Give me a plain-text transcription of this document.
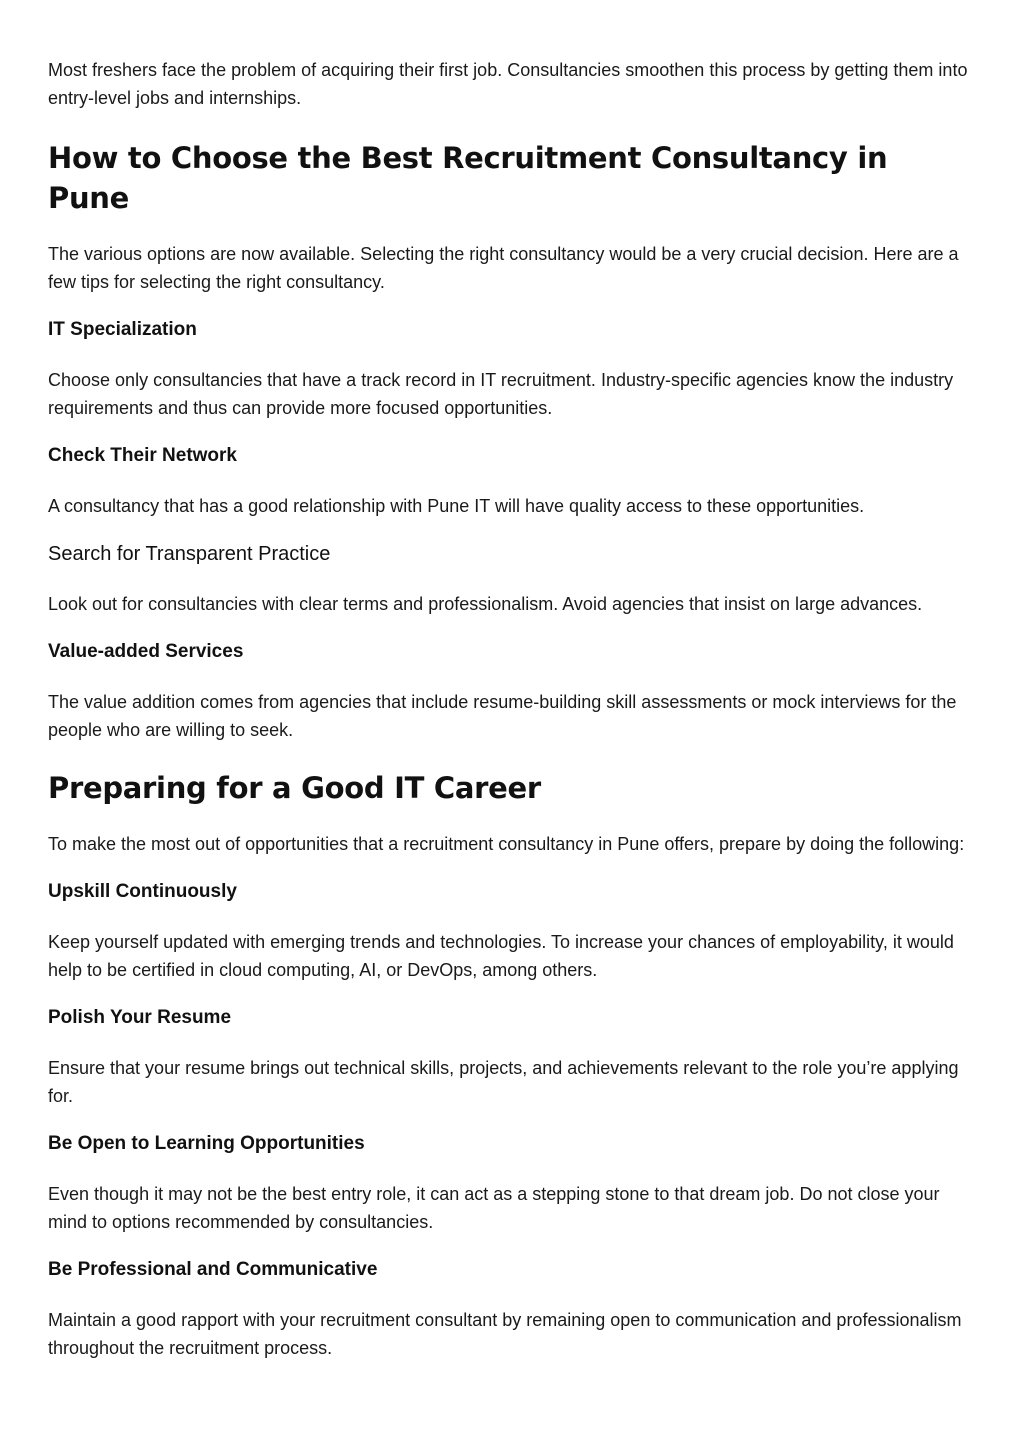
Most freshers face the problem of acquiring their first job. Consultancies smoothen this process by getting them into entry-level jobs and internships.

How to Choose the Best Recruitment Consultancy in Pune

The various options are now available. Selecting the right consultancy would be a very crucial decision. Here are a few tips for selecting the right consultancy.

IT Specialization

Choose only consultancies that have a track record in IT recruitment. Industry-specific agencies know the industry requirements and thus can provide more focused opportunities.

Check Their Network

A consultancy that has a good relationship with Pune IT will have quality access to these opportunities.

Search for Transparent Practice

Look out for consultancies with clear terms and professionalism. Avoid agencies that insist on large advances.

Value-added Services

The value addition comes from agencies that include resume-building skill assessments or mock interviews for the people who are willing to seek.

Preparing for a Good IT Career

To make the most out of opportunities that a recruitment consultancy in Pune offers, prepare by doing the following:

Upskill Continuously

Keep yourself updated with emerging trends and technologies. To increase your chances of employability, it would help to be certified in cloud computing, AI, or DevOps, among others.

Polish Your Resume

Ensure that your resume brings out technical skills, projects, and achievements relevant to the role you’re applying for.

Be Open to Learning Opportunities

Even though it may not be the best entry role, it can act as a stepping stone to that dream job. Do not close your mind to options recommended by consultancies.

Be Professional and Communicative

Maintain a good rapport with your recruitment consultant by remaining open to communication and professionalism throughout the recruitment process.
